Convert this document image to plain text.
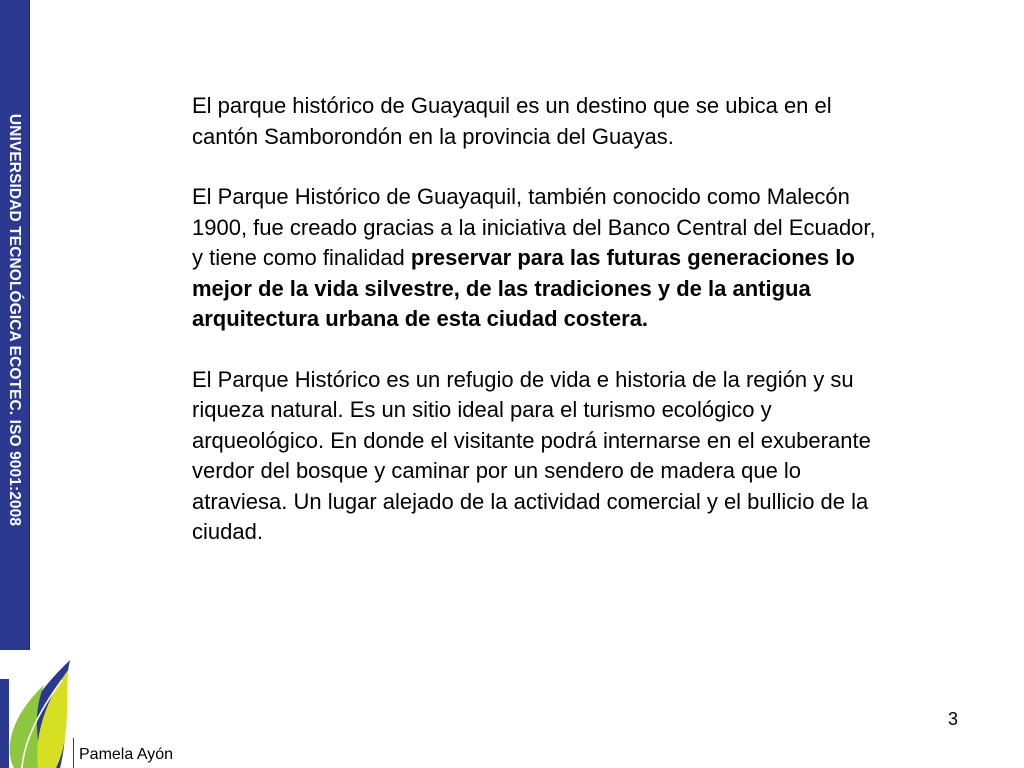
UNIVERSIDAD TECNOLÓGICA ECOTEC. ISO 9001:2008

El parque histórico de Guayaquil es un destino que se ubica en el cantón Samborondón en la provincia del Guayas.

El Parque Histórico de Guayaquil, también conocido como Malecón 1900, fue creado gracias a la iniciativa del Banco Central del Ecuador, y tiene como finalidad preservar para las futuras generaciones lo mejor de la vida silvestre, de las tradiciones y de la antigua arquitectura urbana de esta ciudad costera.

El Parque Histórico es un refugio de vida e historia de la región y su riqueza natural. Es un sitio ideal para el turismo ecológico y arqueológico. En donde el visitante podrá internarse en el exuberante verdor del bosque y caminar por un sendero de madera que lo atraviesa. Un lugar alejado de la actividad comercial y el bullicio de la ciudad.

Pamela Ayón
3
